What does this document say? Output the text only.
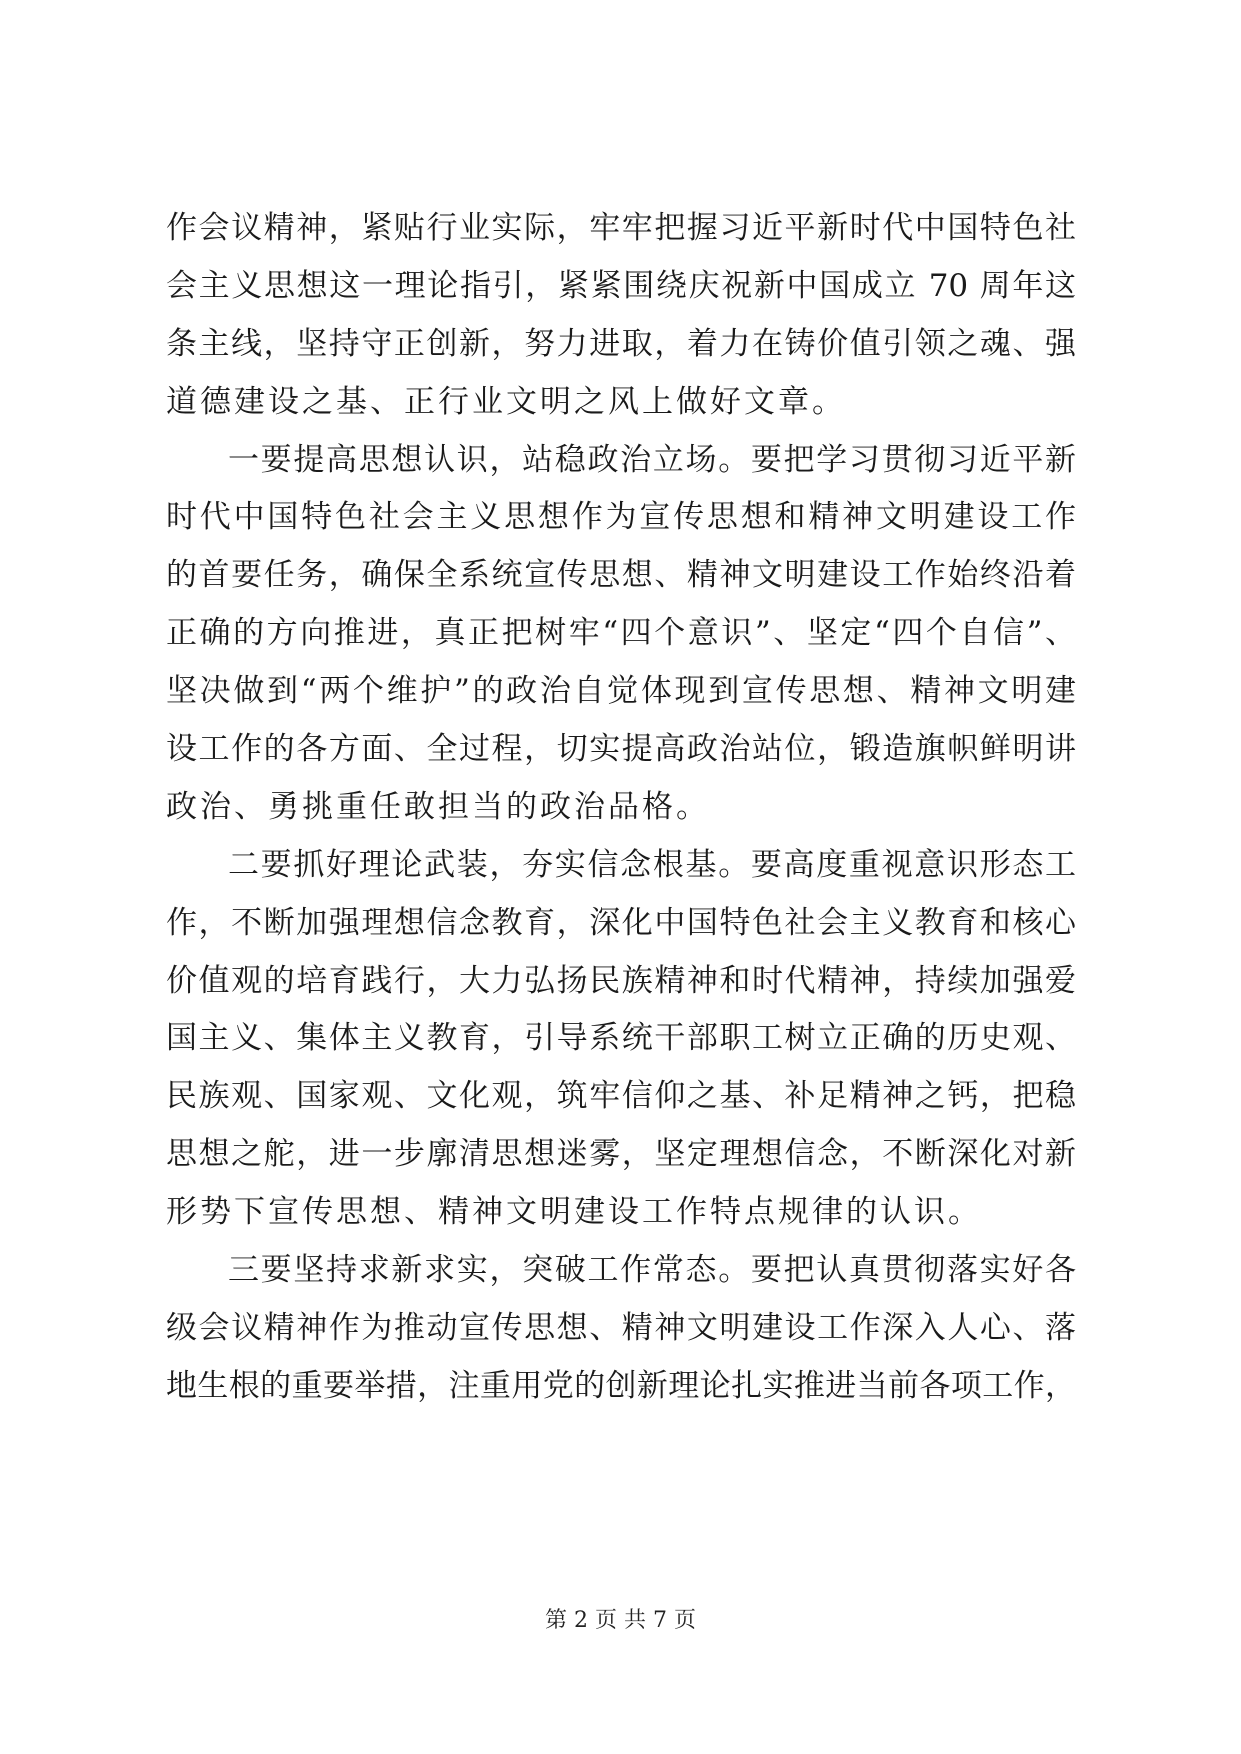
作会议精神，紧贴行业实际，牢牢把握习近平新时代中国特色社
会主义思想这一理论指引，紧紧围绕庆祝新中国成立 70 周年这
条主线，坚持守正创新，努力进取，着力在铸价值引领之魂、强
道德建设之基、正行业文明之风上做好文章。
一要提高思想认识，站稳政治立场。要把学习贯彻习近平新
时代中国特色社会主义思想作为宣传思想和精神文明建设工作
的首要任务，确保全系统宣传思想、精神文明建设工作始终沿着
正确的方向推进，真正把树牢“四个意识”、坚定“四个自信”、
坚决做到“两个维护”的政治自觉体现到宣传思想、精神文明建
设工作的各方面、全过程，切实提高政治站位，锻造旗帜鲜明讲
政治、勇挑重任敢担当的政治品格。
二要抓好理论武装，夯实信念根基。要高度重视意识形态工
作，不断加强理想信念教育，深化中国特色社会主义教育和核心
价值观的培育践行，大力弘扬民族精神和时代精神，持续加强爱
国主义、集体主义教育，引导系统干部职工树立正确的历史观、
民族观、国家观、文化观，筑牢信仰之基、补足精神之钙，把稳
思想之舵，进一步廓清思想迷雾，坚定理想信念，不断深化对新
形势下宣传思想、精神文明建设工作特点规律的认识。
三要坚持求新求实，突破工作常态。要把认真贯彻落实好各
级会议精神作为推动宣传思想、精神文明建设工作深入人心、落
地生根的重要举措，注重用党的创新理论扎实推进当前各项工作，
第 2 页 共 7 页
